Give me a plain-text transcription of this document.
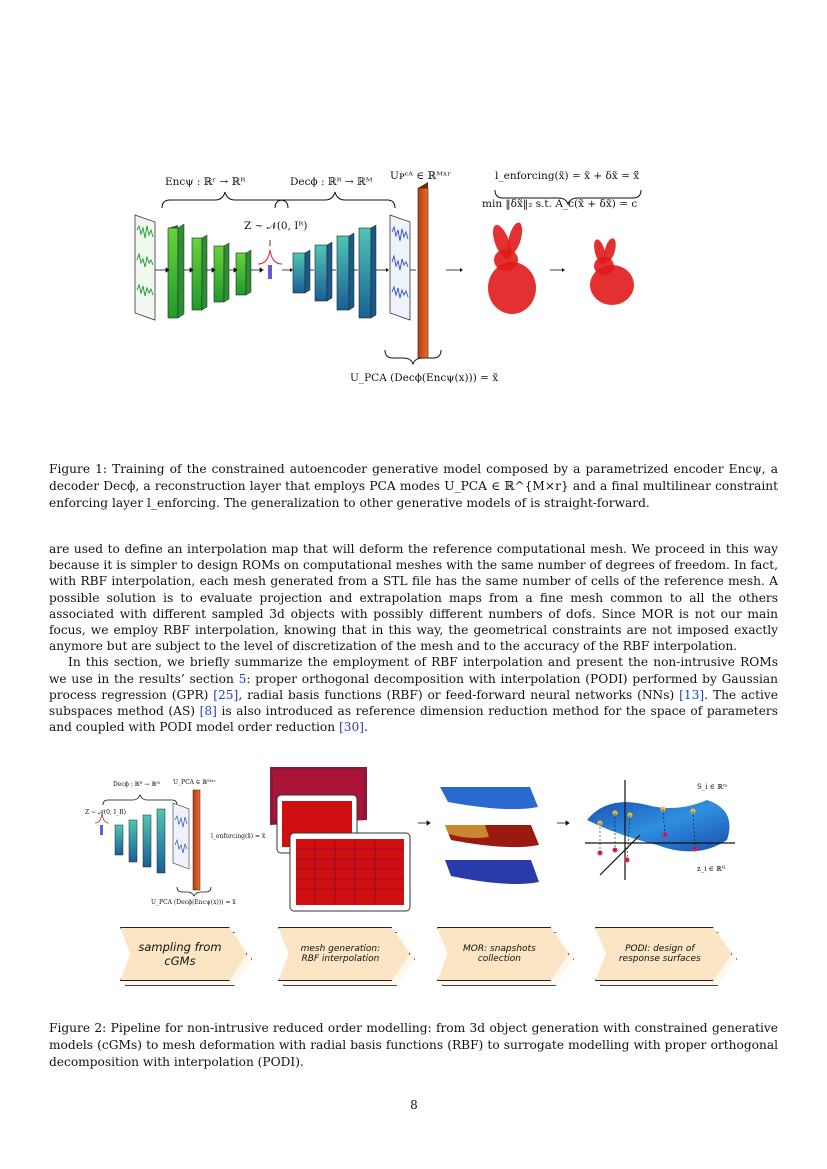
Encψ : ℝʳ → ℝᴿ	Decϕ : ℝᴿ → ℝᴹ Uᴘᶜᴬ ∈ ℝᴹˣʳ
Z ~ 𝒩(0, Iᴿ)
l_enforcing(x̃) = x̃ + δx̃ = x̃̃
min ‖δx̃‖₂ s.t. A_c(x̃ + δx̃) = c
U_PCA (Decϕ(Encψ(x))) = x̃
Figure 1: Training of the constrained autoencoder generative model composed by a parametrized encoder Encψ, a decoder Decϕ, a reconstruction layer that employs PCA modes U_PCA ∈ ℝ^{M×r} and a final multilinear constraint enforcing layer l_enforcing. The generalization to other generative models of is straight-forward.

are used to define an interpolation map that will deform the reference computational mesh. We proceed in this way because it is simpler to design ROMs on computational meshes with the same number of degrees of freedom. In fact, with RBF interpolation, each mesh generated from a STL file has the same number of cells of the reference mesh. A possible solution is to evaluate projection and extrapolation maps from a fine mesh common to all the others associated with different sampled 3d objects with possibly different numbers of dofs. Since MOR is not our main focus, we employ RBF interpolation, knowing that in this way, the geometrical constraints are not imposed exactly anymore but are subject to the level of discretization of the mesh and to the accuracy of the RBF interpolation.

In this section, we briefly summarize the employment of RBF interpolation and present the non-intrusive ROMs we use in the results’ section 5: proper orthogonal decomposition with interpolation (PODI) performed by Gaussian process regression (GPR) [25], radial basis functions (RBF) or feed-forward neural networks (NNs) [13]. The active subspaces method (AS) [8] is also introduced as reference dimension reduction method for the space of parameters and coupled with PODI model order reduction [30].

Decϕ : ℝᴿ → ℝᴹ U_PCA ∈ ℝᴹˣʳ
Z ~ 𝒩(0, I_R)
l_enforcing(x̃) = x̃
U_PCA (Decϕ(Encψ(x))) = x̃
S_i ∈ ℝᵐ
z_i ∈ ℝᴿ
sampling from cGMs
mesh generation: RBF interpolation
MOR: snapshots collection
PODI: design of response surfaces
Figure 2: Pipeline for non-intrusive reduced order modelling: from 3d object generation with constrained generative models (cGMs) to mesh deformation with radial basis functions (RBF) to surrogate modelling with proper orthogonal decomposition with interpolation (PODI).
8
